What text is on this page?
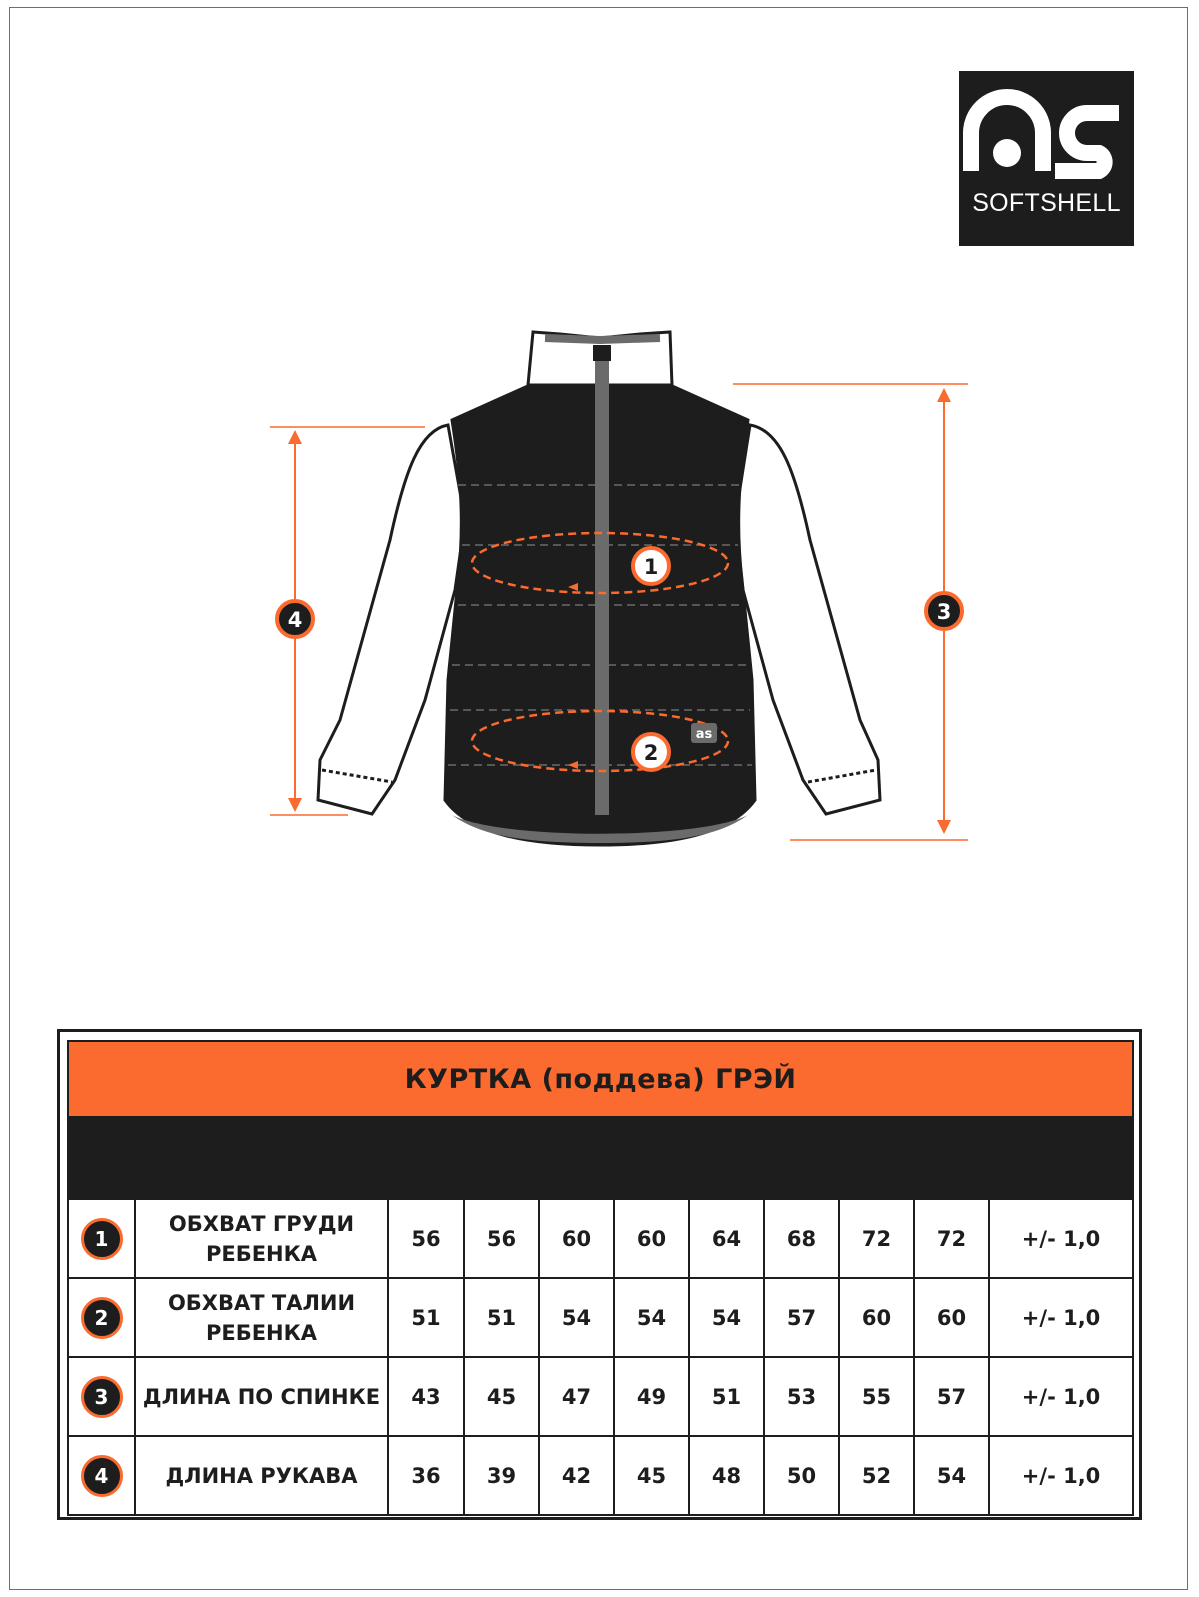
SOFTSHELL
as
1
2
3
4
КУРТКА (поддева) ГРЭЙ										
№	НАИМЕНОВАНИЕ
ИЗМЕРЕНИЯ	104	110	116	122	128	134	140	146	ДОПУСТИМОЕ
ОТКЛОНЕНИЕ
(+/-СМ)
1	ОБХВАТ ГРУДИ
РЕБЕНКА	56	56	60	60	64	68	72	72	+/- 1,0
2	ОБХВАТ ТАЛИИ
РЕБЕНКА	51	51	54	54	54	57	60	60	+/- 1,0
3	ДЛИНА ПО СПИНКЕ	43	45	47	49	51	53	55	57	+/- 1,0
4	ДЛИНА РУКАВА	36	39	42	45	48	50	52	54	+/- 1,0
